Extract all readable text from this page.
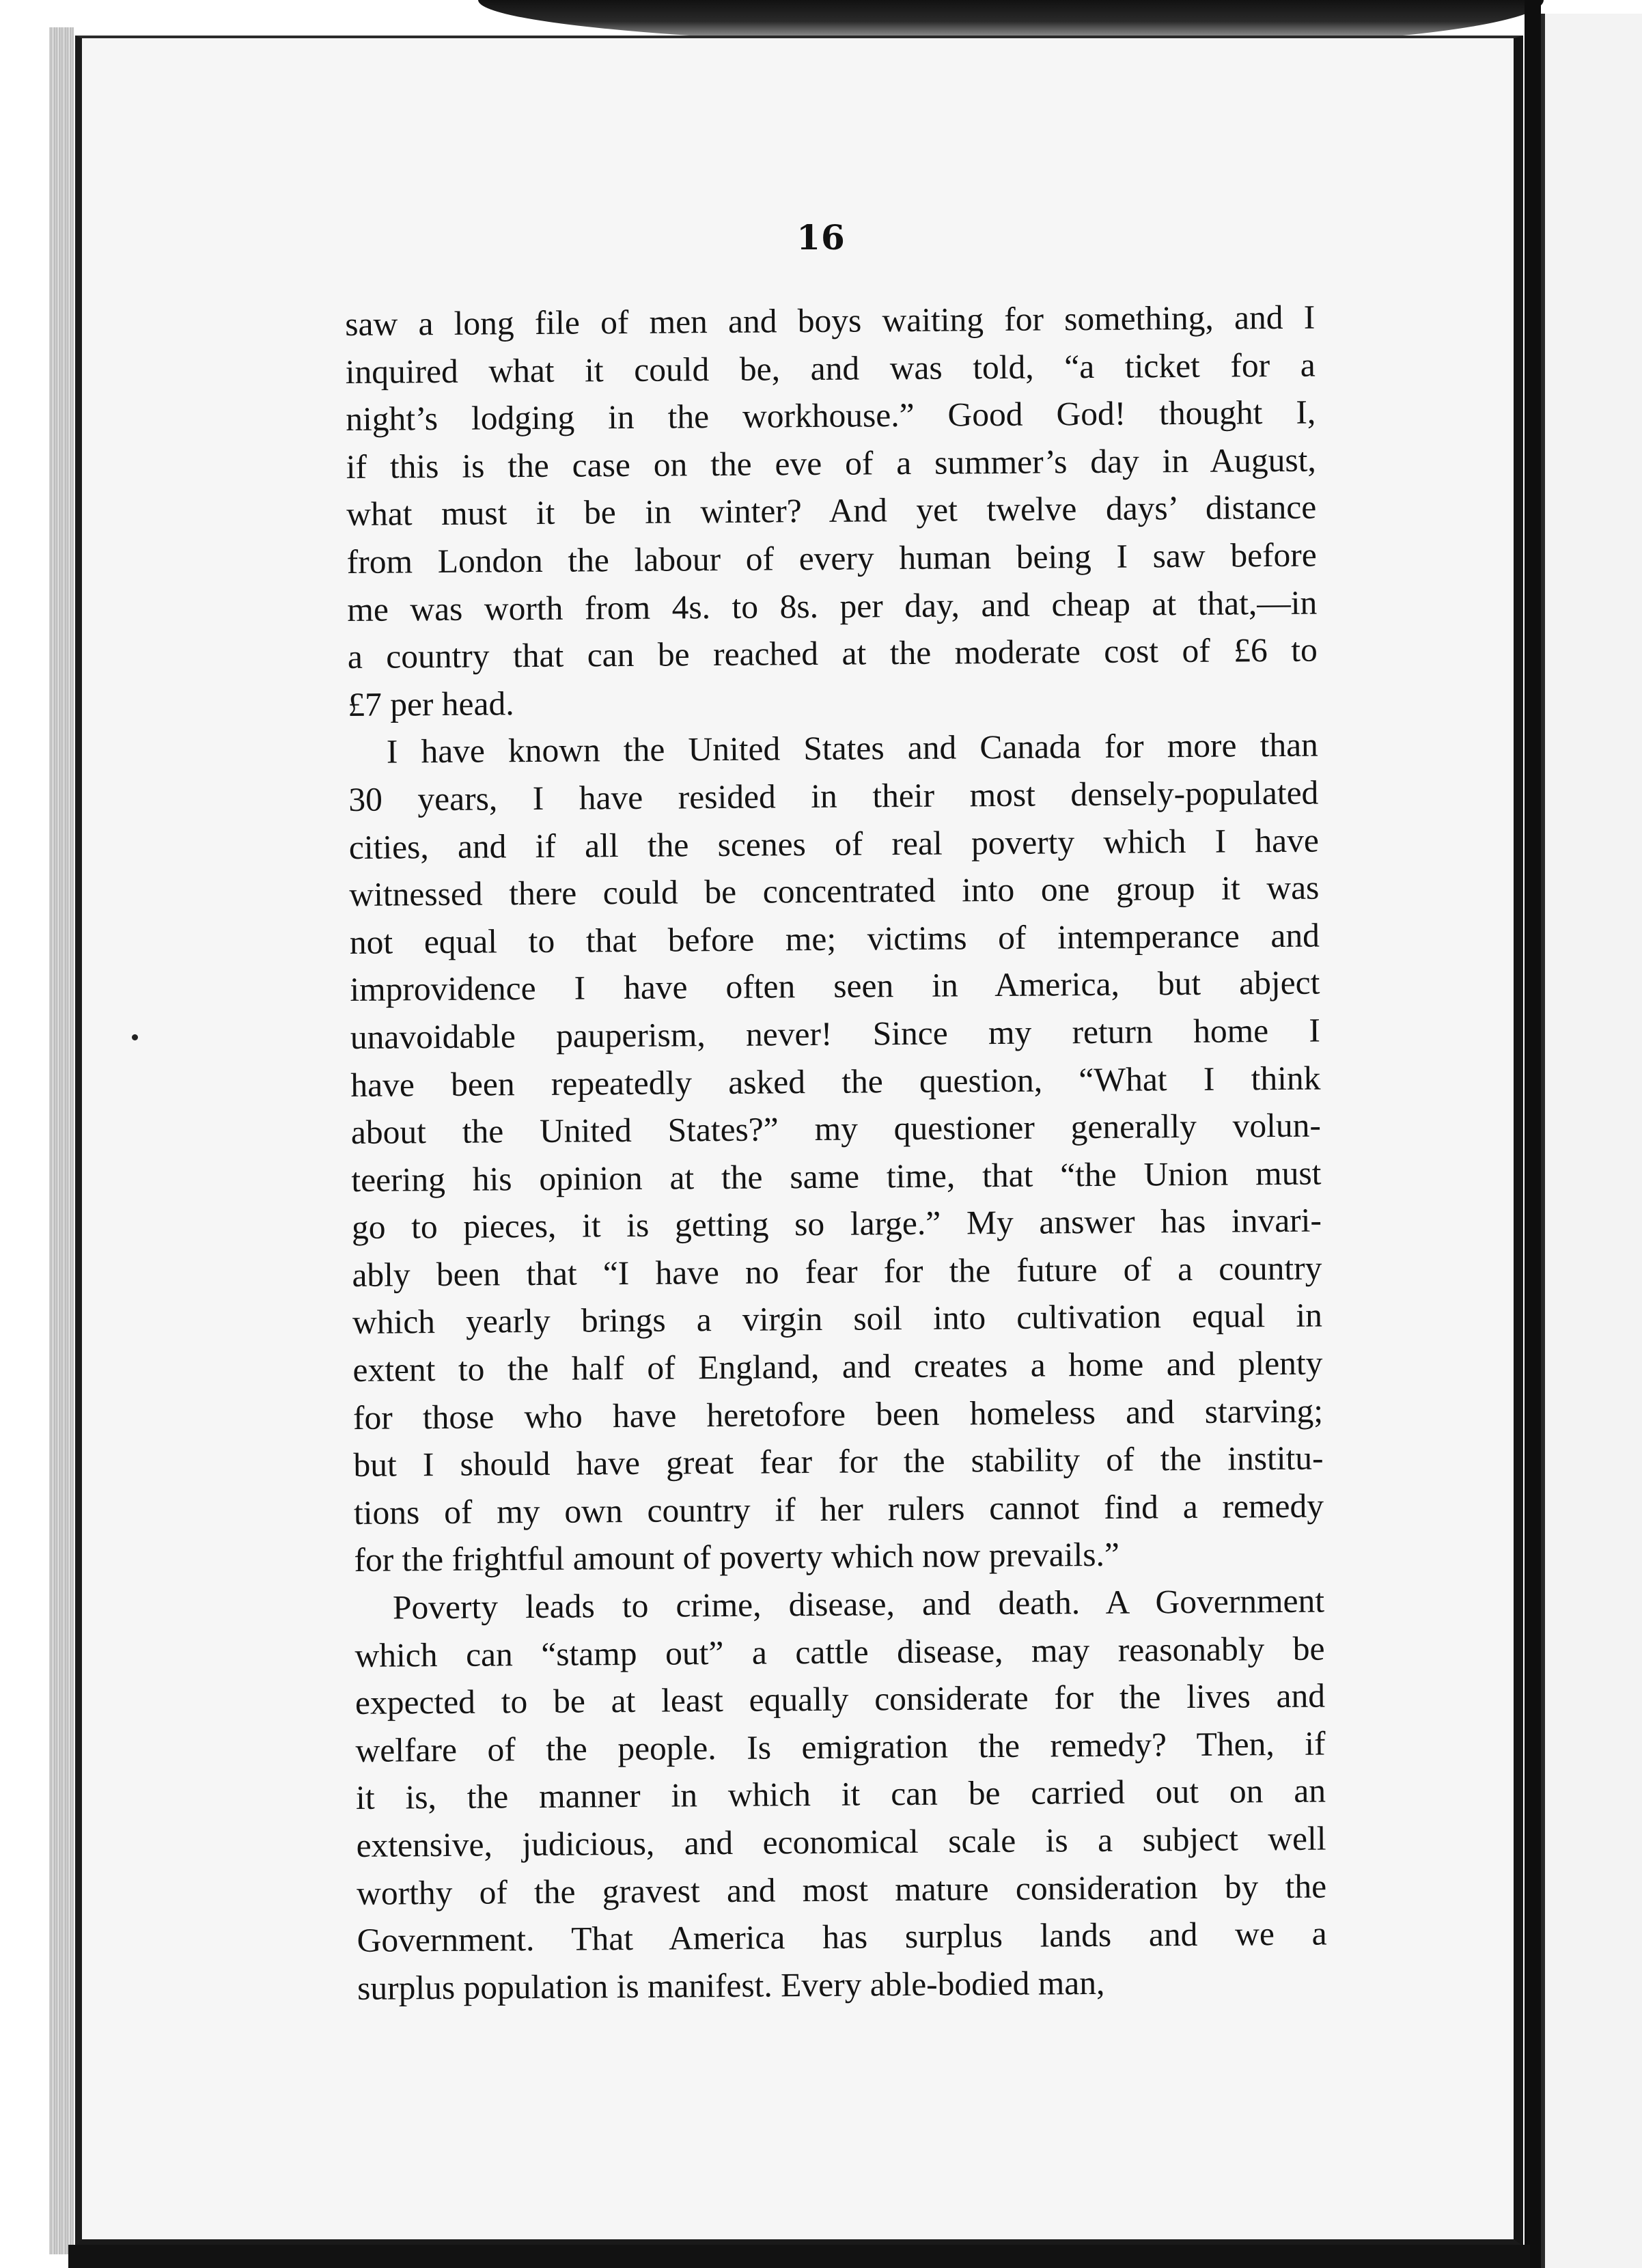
16
saw a long file of men and boys waiting for something, and I
inquired what it could be, and was told, “a ticket for a
night’s lodging in the workhouse.” Good God! thought I,
if this is the case on the eve of a summer’s day in August,
what must it be in winter? And yet twelve days’ distance
from London the labour of every human being I saw before
me was worth from 4s. to 8s. per day, and cheap at that,—in
a country that can be reached at the moderate cost of £6 to
£7 per head.
I have known the United States and Canada for more than
30 years, I have resided in their most densely-populated
cities, and if all the scenes of real poverty which I have
witnessed there could be concentrated into one group it was
not equal to that before me; victims of intemperance and
improvidence I have often seen in America, but abject
unavoidable pauperism, never! Since my return home I
have been repeatedly asked the question, “What I think
about the United States?” my questioner generally volun-
teering his opinion at the same time, that “the Union must
go to pieces, it is getting so large.” My answer has invari-
ably been that “I have no fear for the future of a country
which yearly brings a virgin soil into cultivation equal in
extent to the half of England, and creates a home and plenty
for those who have heretofore been homeless and starving;
but I should have great fear for the stability of the institu-
tions of my own country if her rulers cannot find a remedy
for the frightful amount of poverty which now prevails.”
Poverty leads to crime, disease, and death. A Government
which can “stamp out” a cattle disease, may reasonably be
expected to be at least equally considerate for the lives and
welfare of the people. Is emigration the remedy? Then, if
it is, the manner in which it can be carried out on an
extensive, judicious, and economical scale is a subject well
worthy of the gravest and most mature consideration by the
Government. That America has surplus lands and we a
surplus population is manifest. Every able-bodied man,
